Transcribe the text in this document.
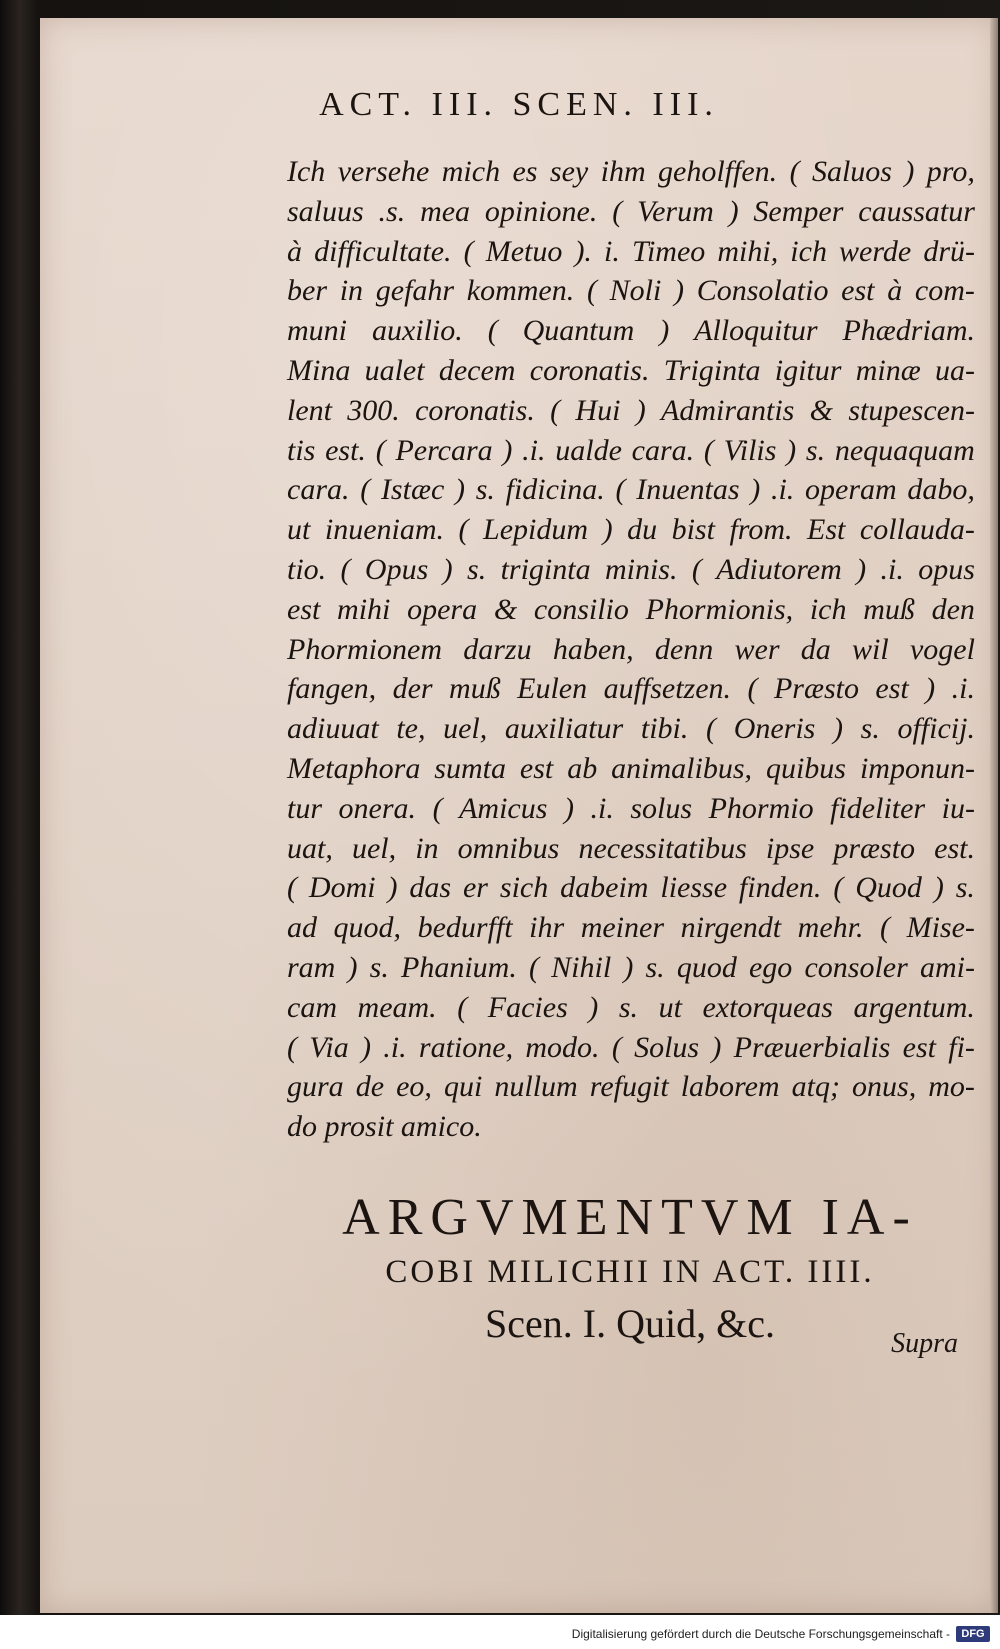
ACT. III. SCEN. III.
Ich versehe mich es sey ihm geholffen. ( Saluos ) pro,
saluus .s. mea opinione. ( Verum ) Semper caussatur
à difficultate. ( Metuo ). i. Timeo mihi, ich werde drü-
ber in gefahr kommen. ( Noli ) Consolatio est à com-
muni auxilio. ( Quantum ) Alloquitur Phædriam.
Mina ualet decem coronatis. Triginta igitur minæ ua-
lent 300. coronatis. ( Hui ) Admirantis & stupescen-
tis est. ( Percara ) .i. ualde cara. ( Vilis ) s. nequaquam
cara. ( Istæc ) s. fidicina. ( Inuentas ) .i. operam dabo,
ut inueniam. ( Lepidum ) du bist from. Est collauda-
tio. ( Opus ) s. triginta minis. ( Adiutorem ) .i. opus
est mihi opera & consilio Phormionis, ich muß den
Phormionem darzu haben, denn wer da wil vogel
fangen, der muß Eulen auffsetzen. ( Præsto est ) .i.
adiuuat te, uel, auxiliatur tibi. ( Oneris ) s. officij.
Metaphora sumta est ab animalibus, quibus imponun-
tur onera. ( Amicus ) .i. solus Phormio fideliter iu-
uat, uel, in omnibus necessitatibus ipse præsto est.
( Domi ) das er sich dabeim liesse finden. ( Quod ) s.
ad quod, bedurfft ihr meiner nirgendt mehr. ( Mise-
ram ) s. Phanium. ( Nihil ) s. quod ego consoler ami-
cam meam. ( Facies ) s. ut extorqueas argentum.
( Via ) .i. ratione, modo. ( Solus ) Præuerbialis est fi-
gura de eo, qui nullum refugit laborem atq; onus, mo-
do prosit amico.
ARGVMENTVM IA-
COBI MILICHII IN ACT. IIII.
Scen. I. Quid, &c.	Supra
Digitalisierung gefördert durch die Deutsche Forschungsgemeinschaft -	DFG
